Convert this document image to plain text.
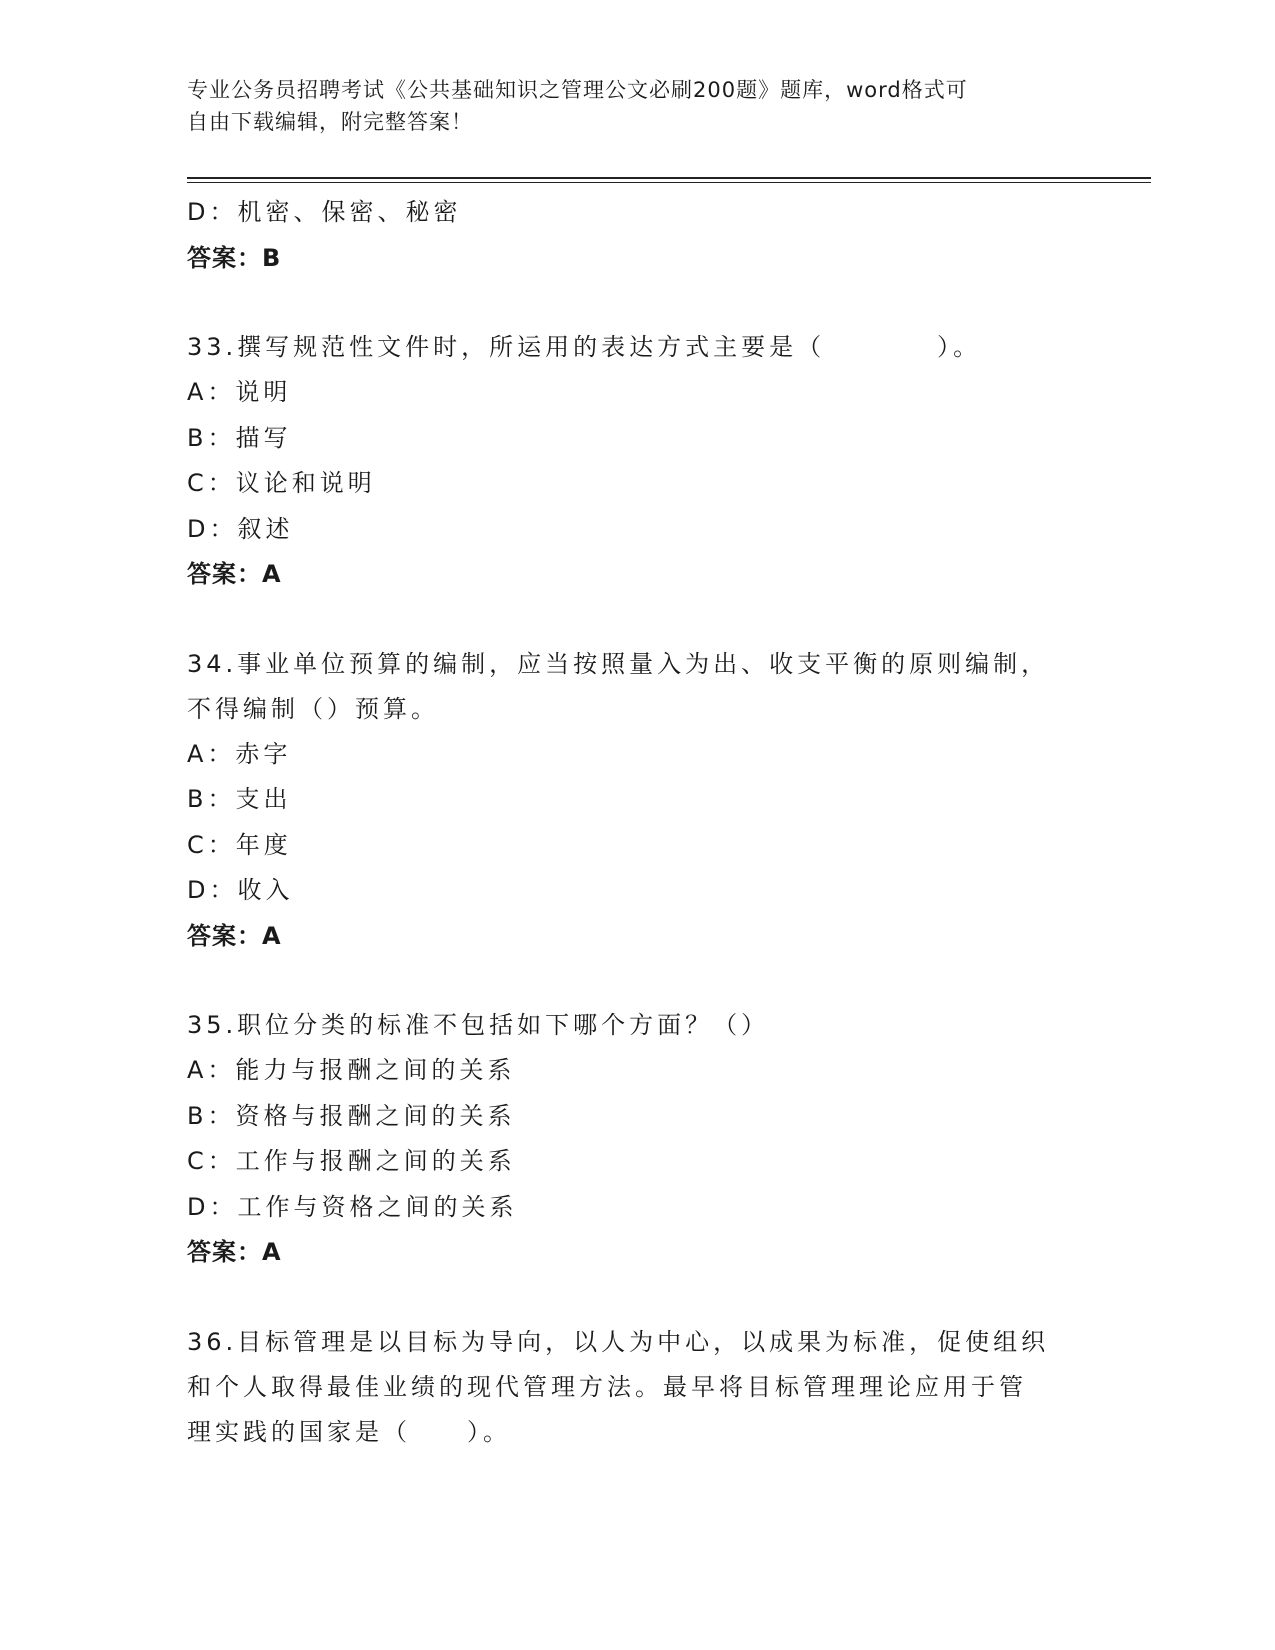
专业公务员招聘考试《公共基础知识之管理公文必刷200题》题库，word格式可
自由下载编辑，附完整答案！
D：机密、保密、秘密
答案：B
33.撰写规范性文件时，所运用的表达方式主要是（　　　　）。
A：说明
B：描写
C：议论和说明
D：叙述
答案：A
34.事业单位预算的编制，应当按照量入为出、收支平衡的原则编制，
不得编制（）预算。
A：赤字
B：支出
C：年度
D：收入
答案：A
35.职位分类的标准不包括如下哪个方面？（）
A：能力与报酬之间的关系
B：资格与报酬之间的关系
C：工作与报酬之间的关系
D：工作与资格之间的关系
答案：A
36.目标管理是以目标为导向，以人为中心，以成果为标准，促使组织
和个人取得最佳业绩的现代管理方法。最早将目标管理理论应用于管
理实践的国家是（　　）。
